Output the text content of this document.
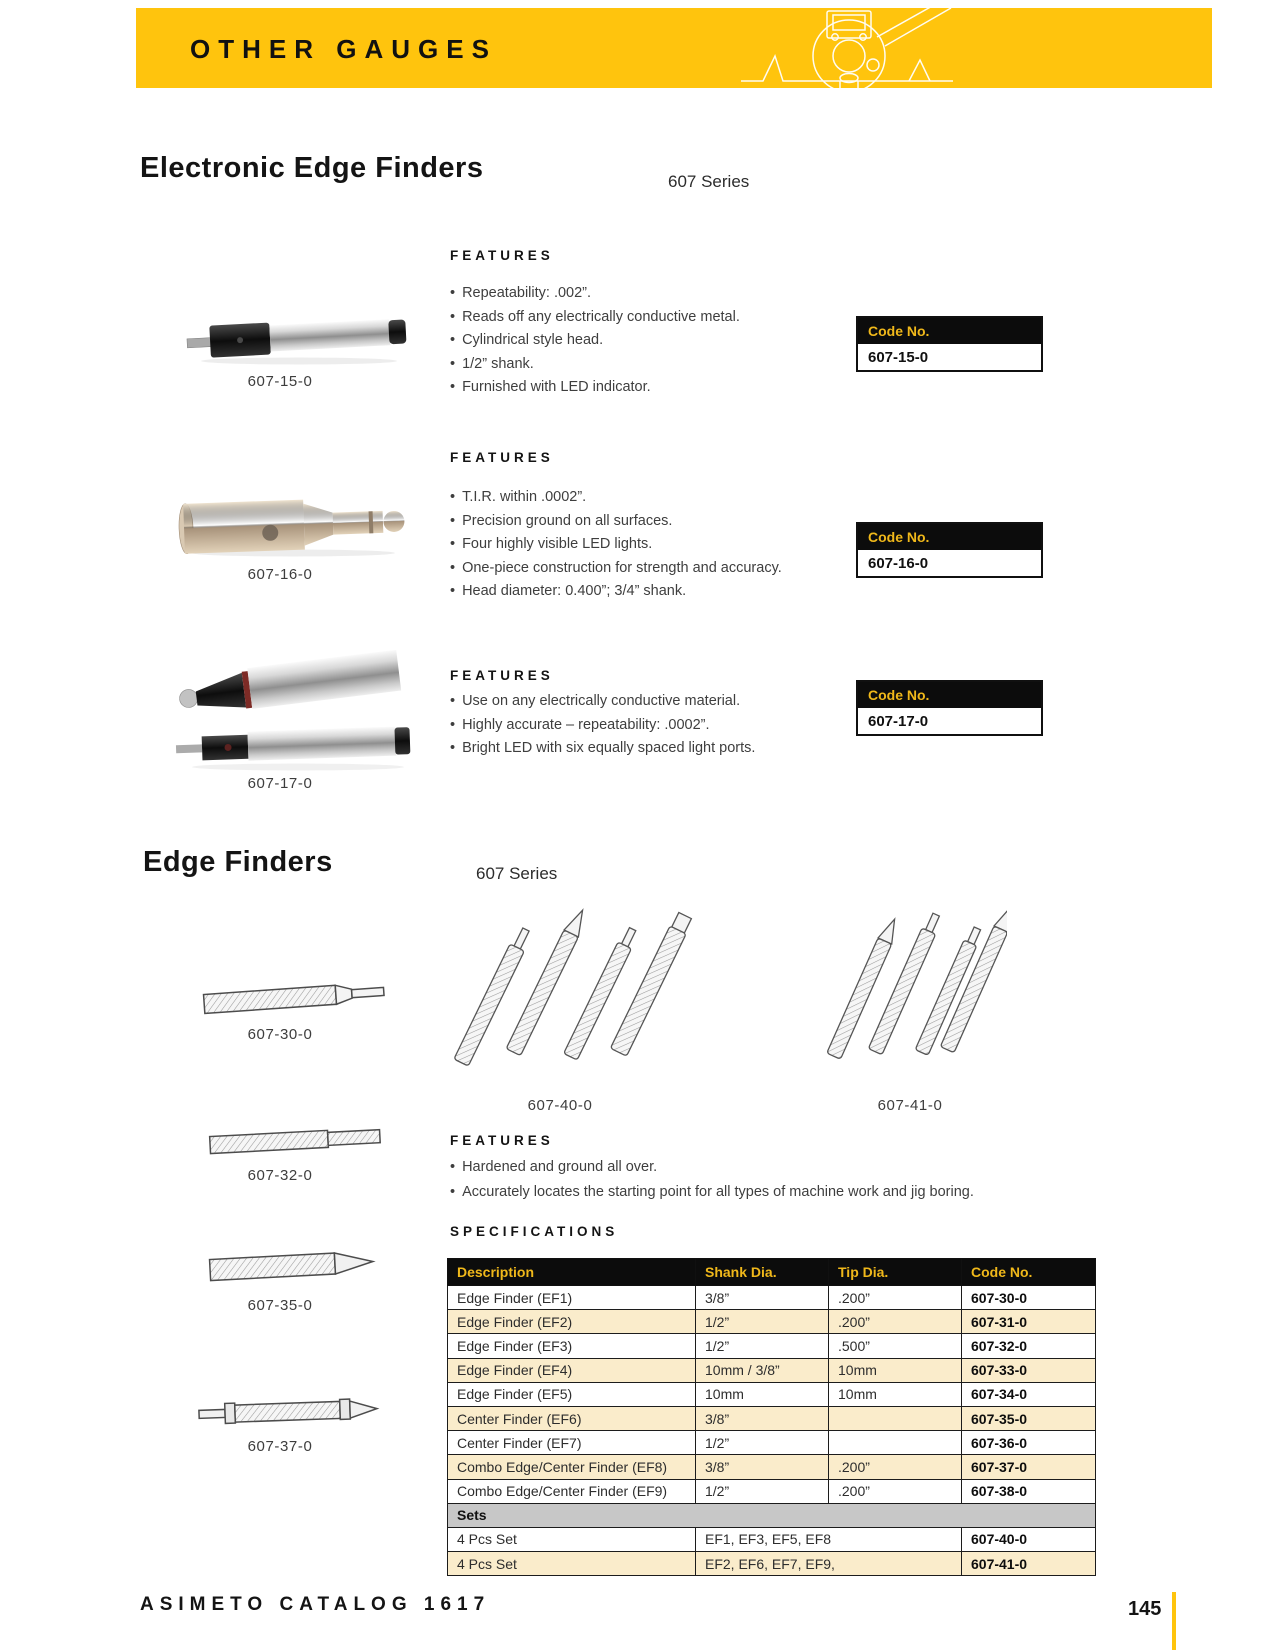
OTHER GAUGES
Electronic Edge Finders	607 Series
607-15-0
FEATURES
• Repeatability: .002”.
• Reads off any electrically conductive metal.
• Cylindrical style head.
• 1/2” shank.
• Furnished with LED indicator.
Code No.
607-15-0
607-16-0
FEATURES
• T.I.R. within .0002”.
• Precision ground on all surfaces.
• Four highly visible LED lights.
• One-piece construction for strength and accuracy.
• Head diameter: 0.400”; 3/4” shank.
Code No.
607-16-0
607-17-0
FEATURES
• Use on any electrically conductive material.
• Highly accurate – repeatability: .0002”.
• Bright LED with six equally spaced light ports.
Code No.
607-17-0
Edge Finders	607 Series
607-30-0
607-32-0
607-35-0
607-37-0
607-40-0	607-41-0
FEATURES
• Hardened and ground all over.
• Accurately locates the starting point for all types of machine work and jig boring.
SPECIFICATIONS
Description	Shank Dia.	Tip Dia.	Code No.
Edge Finder (EF1)	3/8”	.200”	607-30-0
Edge Finder (EF2)	1/2”	.200”	607-31-0
Edge Finder (EF3)	1/2”	.500”	607-32-0
Edge Finder (EF4)	10mm / 3/8”	10mm	607-33-0
Edge Finder (EF5)	10mm	10mm	607-34-0
Center Finder (EF6)	3/8”		607-35-0
Center Finder (EF7)	1/2”		607-36-0
Combo Edge/Center Finder (EF8)	3/8”	.200”	607-37-0
Combo Edge/Center Finder (EF9)	1/2”	.200”	607-38-0
Sets			
4 Pcs Set	EF1, EF3, EF5, EF8		607-40-0
4 Pcs Set	EF2, EF6, EF7, EF9,		607-41-0
ASIMETO CATALOG 1617	145
